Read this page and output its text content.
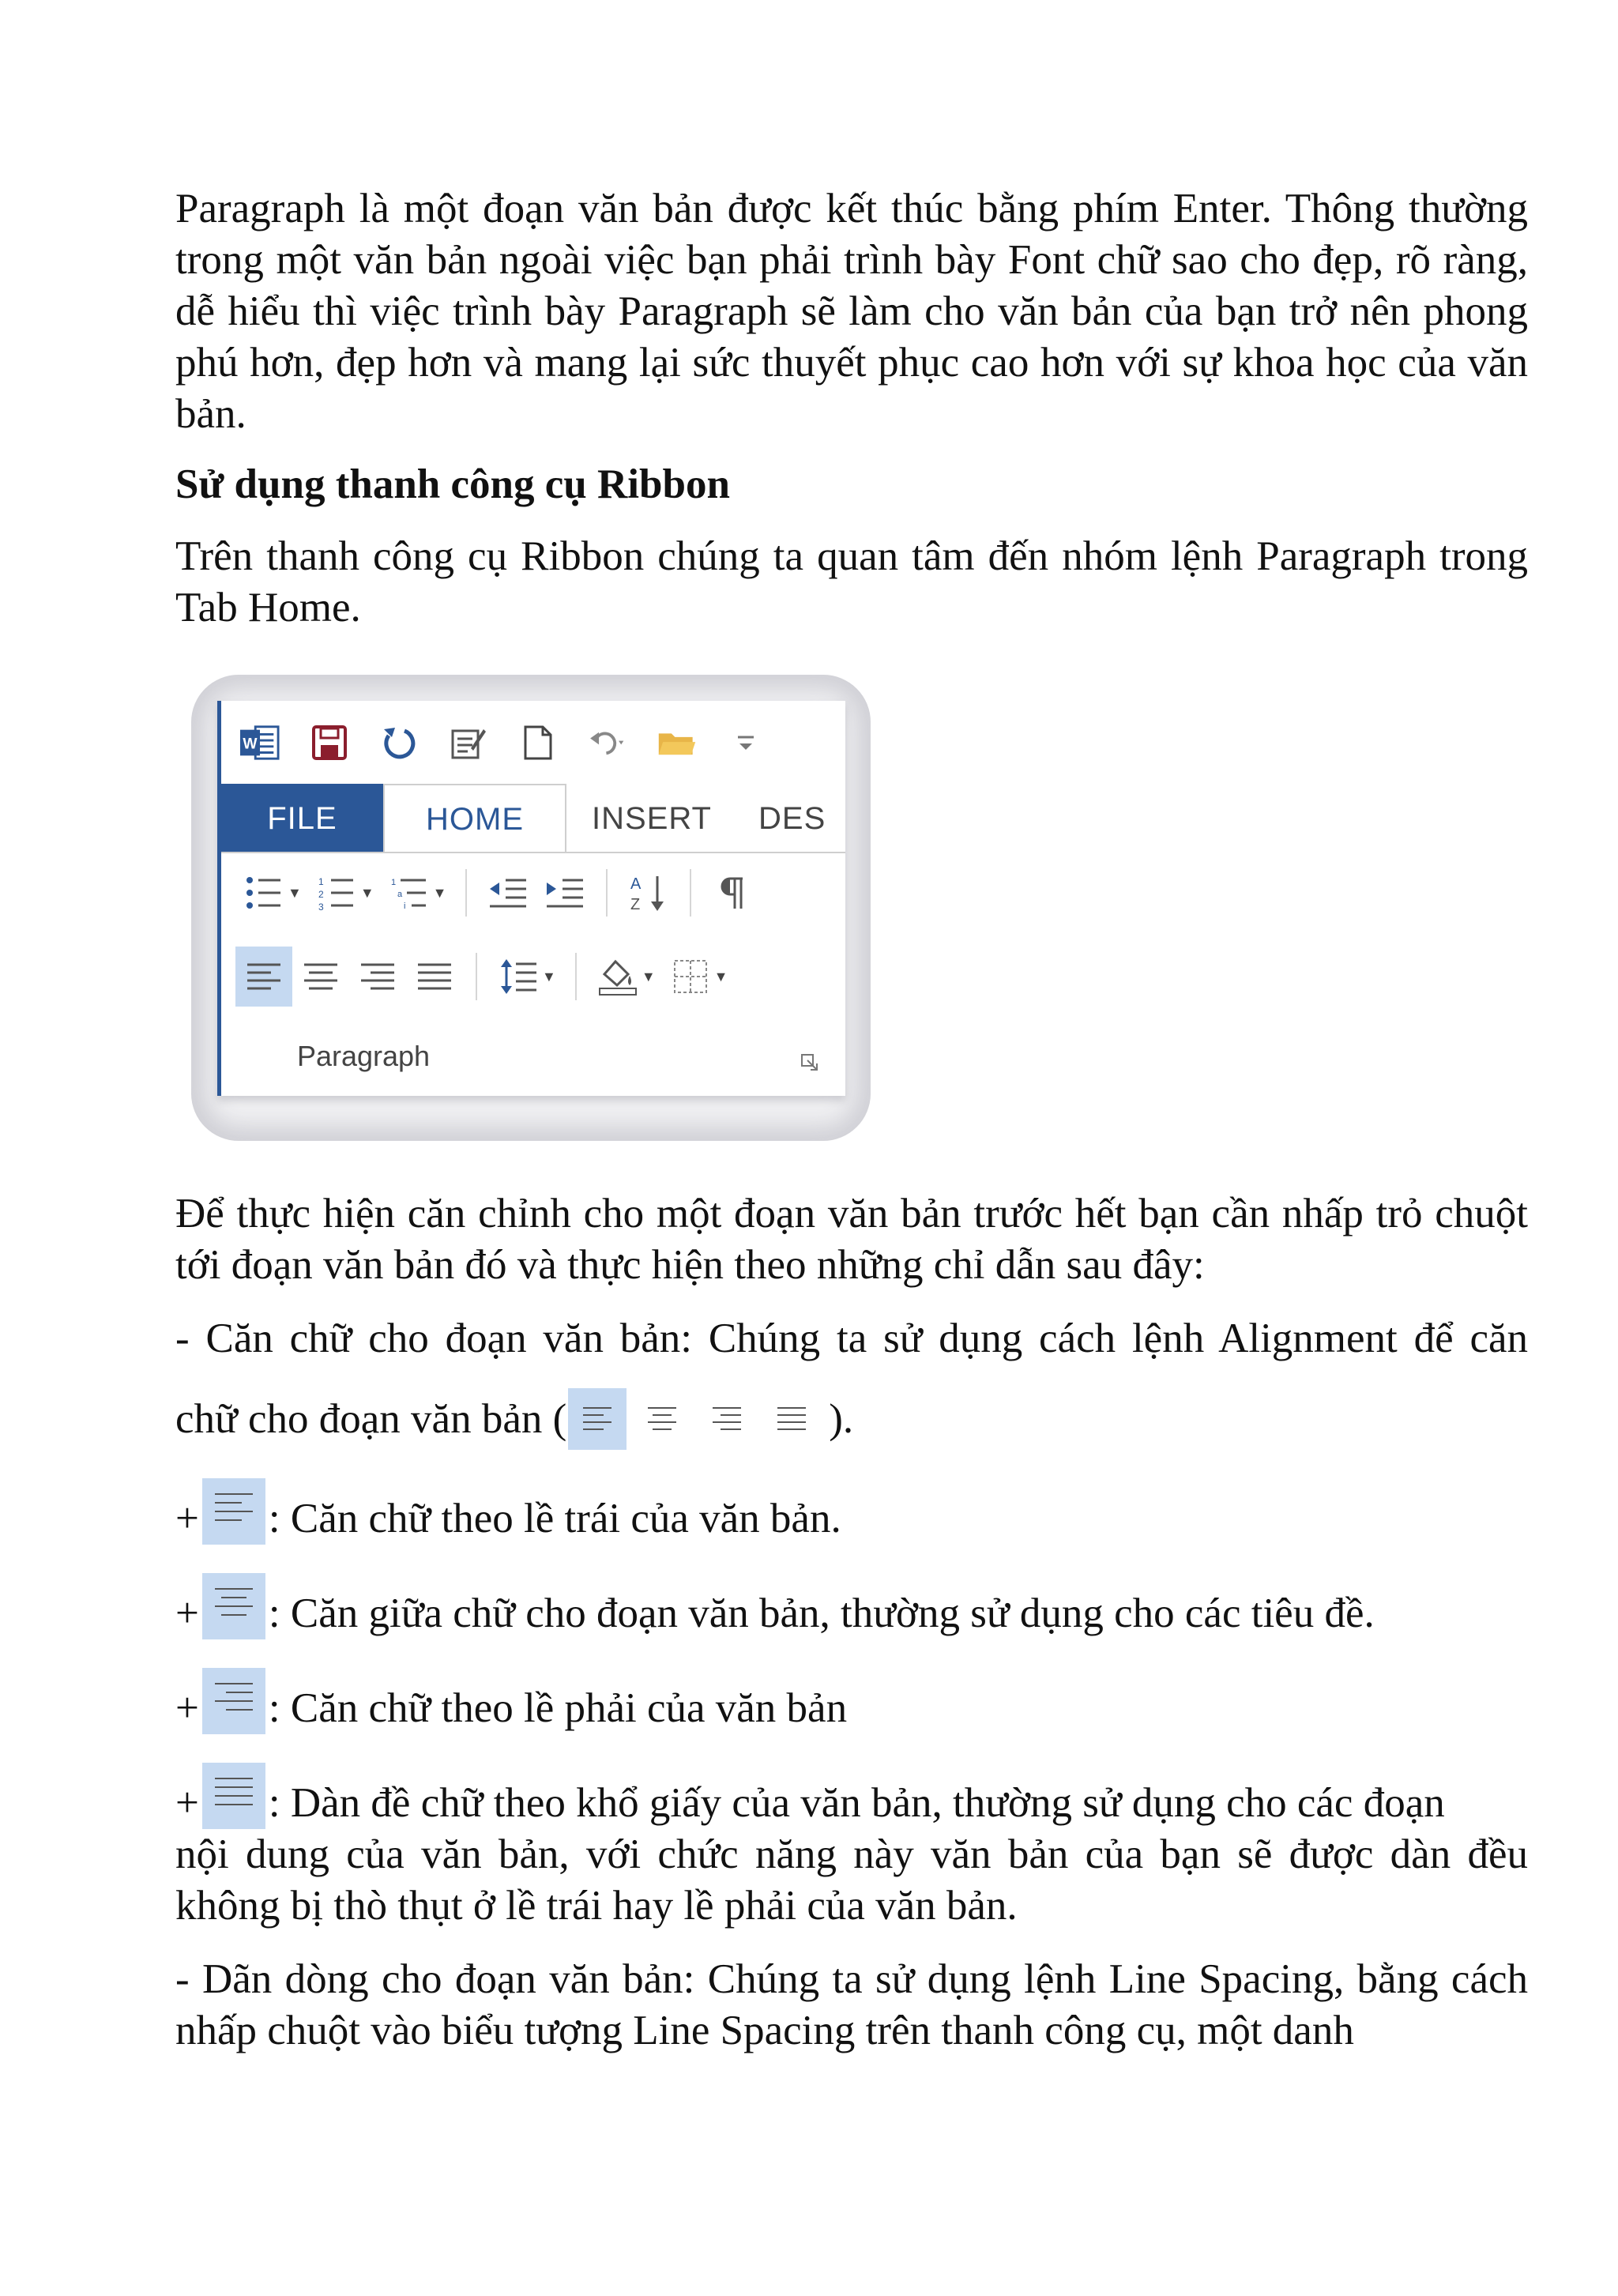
Paragraph là một đoạn văn bản được kết thúc bằng phím Enter. Thông thường trong một văn bản ngoài việc bạn phải trình bày Font chữ sao cho đẹp, rõ ràng, dễ hiểu thì việc trình bày Paragraph sẽ làm cho văn bản của bạn trở nên phong phú hơn, đẹp hơn và mang lại sức thuyết phục cao hơn với sự khoa học của văn bản.

Sử dụng thanh công cụ Ribbon

Trên thanh công cụ Ribbon chúng ta quan tâm đến nhóm lệnh Paragraph trong Tab Home.

W
FILE	HOME	INSERT	DES
▼
1
2
3
▼
1
a
i
▼	A
Z
▼	▼	▼
Paragraph

Để thực hiện căn chỉnh cho một đoạn văn bản trước hết bạn cần nhấp trỏ chuột tới đoạn văn bản đó và thực hiện theo những chỉ dẫn sau đây:

- Căn chữ cho đoạn văn bản: Chúng ta sử dụng cách lệnh Alignment để căn

chữ cho đoạn văn bản (	).
+ : Căn chữ theo lề trái của văn bản.
+ : Căn giữa chữ cho đoạn văn bản, thường sử dụng cho các tiêu đề.
+ : Căn chữ theo lề phải của văn bản
+ : Dàn đề chữ theo khổ giấy của văn bản, thường sử dụng cho các đoạn

nội dung của văn bản, với chức năng này văn bản của bạn sẽ được dàn đều không bị thò thụt ở lề trái hay lề phải của văn bản.

- Dãn dòng cho đoạn văn bản: Chúng ta sử dụng lệnh Line Spacing, bằng cách nhấp chuột vào biểu tượng Line Spacing trên thanh công cụ, một danh
